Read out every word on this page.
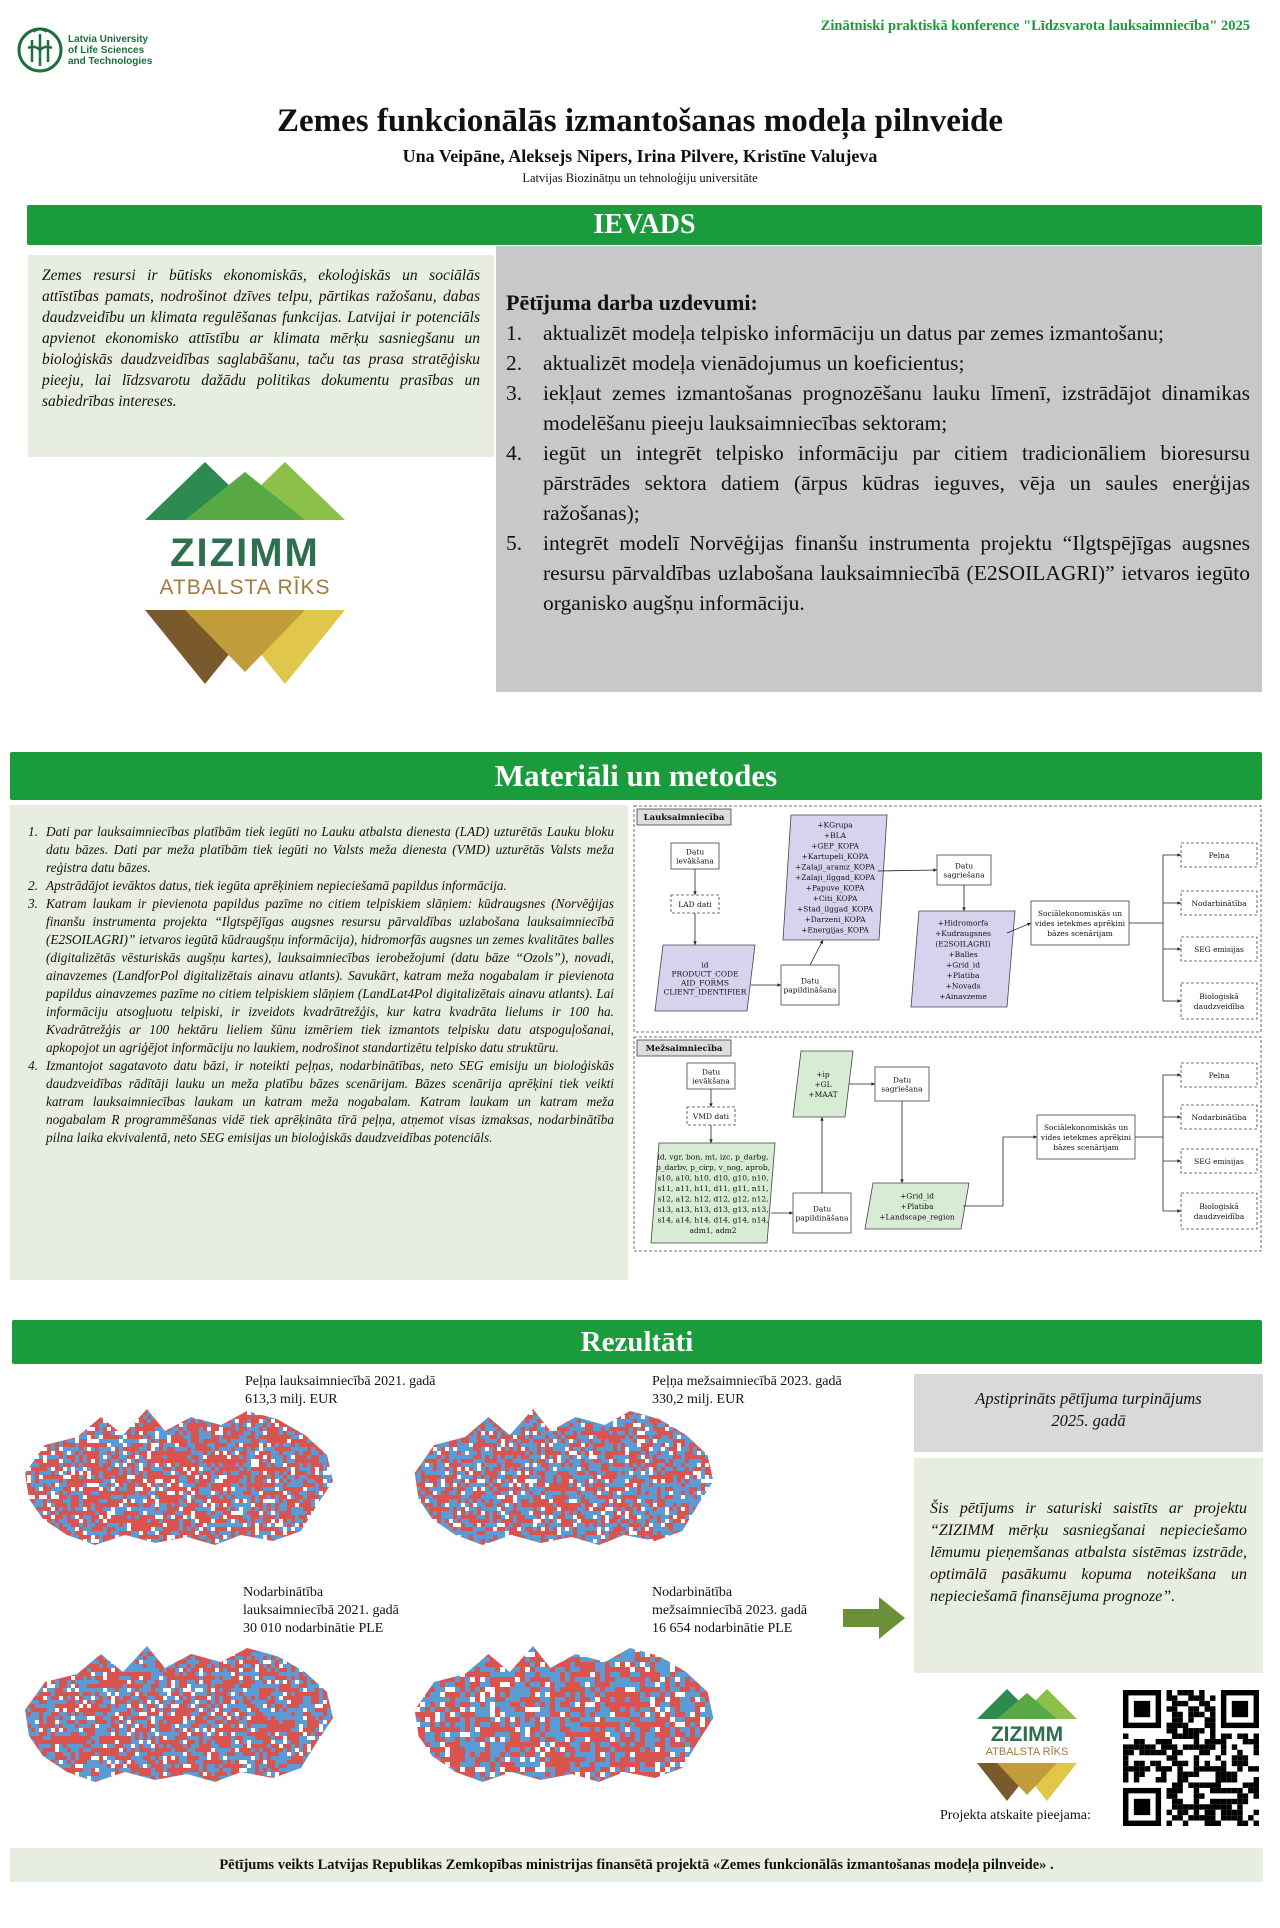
Latvia University
of Life Sciences
and Technologies
Zinātniski praktiskā konference "Līdzsvarota lauksaimniecība" 2025
Zemes funkcionālās izmantošanas modeļa pilnveide
Una Veipāne, Aleksejs Nipers, Irina Pilvere, Kristīne Valujeva
Latvijas Biozinātņu un tehnoloģiju universitāte
IEVADS
Zemes resursi ir būtisks ekonomiskās, ekoloģiskās un sociālās attīstības pamats, nodrošinot dzīves telpu, pārtikas ražošanu, dabas daudzveidību un klimata regulēšanas funkcijas. Latvijai ir potenciāls apvienot ekonomisko attīstību ar klimata mērķu sasniegšanu un bioloģiskās daudzveidības saglabāšanu, taču tas prasa stratēģisku pieeju, lai līdzsvarotu dažādu politikas dokumentu prasības un sabiedrības intereses.
Pētījuma darba uzdevumi:
1. aktualizēt modeļa telpisko informāciju un datus par zemes izmantošanu;
2. aktualizēt modeļa vienādojumus un koeficientus;
3. iekļaut zemes izmantošanas prognozēšanu lauku līmenī, izstrādājot dinamikas modelēšanu pieeju lauksaimniecības sektoram;
4. iegūt un integrēt telpisko informāciju par citiem tradicionāliem bioresursu pārstrādes sektora datiem (ārpus kūdras ieguves, vēja un saules enerģijas ražošanas);
5. integrēt modelī Norvēģijas finanšu instrumenta projektu “Ilgtspējīgas augsnes resursu pārvaldības uzlabošana lauksaimniecībā (E2SOILAGRI)” ietvaros iegūto organisko augšņu informāciju.
ZIZIMM
ATBALSTA RĪKS
Materiāli un metodes
1. Dati par lauksaimniecības platībām tiek iegūti no Lauku atbalsta dienesta (LAD) uzturētās Lauku bloku datu bāzes. Dati par meža platībām tiek iegūti no Valsts meža dienesta (VMD) uzturētās Valsts meža reģistra datu bāzes.
2. Apstrādājot ievāktos datus, tiek iegūta aprēķiniem nepieciešamā papildus informācija.
3. Katram laukam ir pievienota papildus pazīme no citiem telpiskiem slāņiem: kūdraugsnes (Norvēģijas finanšu instrumenta projekta “Ilgtspējīgas augsnes resursu pārvaldības uzlabošana lauksaimniecībā (E2SOILAGRI)” ietvaros iegūtā kūdraugšņu informācija), hidromorfās augsnes un zemes kvalitātes balles (digitalizētās vēsturiskās augšņu kartes), lauksaimniecības ierobežojumi (datu bāze “Ozols”), novadi, ainavzemes (LandforPol digitalizētais ainavu atlants). Savukārt, katram meža nogabalam ir pievienota papildus ainavzemes pazīme no citiem telpiskiem slāņiem (LandLat4Pol digitalizētais ainavu atlants). Lai informāciju atsogļuotu telpiski, ir izveidots kvadrātrežģis, kur katra kvadrāta lielums ir 100 ha. Kvadrātrežģis ar 100 hektāru lieliem šūnu izmēriem tiek izmantots telpisku datu atspoguļošanai, apkopojot un agriģējot informāciju no laukiem, nodrošinot standartizētu telpisko datu struktūru.
4. Izmantojot sagatavoto datu bāzi, ir noteikti peļņas, nodarbinātības, neto SEG emisiju un bioloģiskās daudzveidības rādītāji lauku un meža platību bāzes scenārijam. Bāzes scenārija aprēķini tiek veikti katram lauksaimniecības laukam un katram meža nogabalam. Katram laukam un katram meža nogabalam R programmēšanas vidē tiek aprēķināta tīrā peļņa, atņemot visas izmaksas, nodarbinātība pilna laika ekvivalentā, neto SEG emisijas un bioloģiskās daudzveidības potenciāls.
Lauksaimniecība
Datu
ievākšana
LAD dati
id
PRODUCT_CODE
AID_FORMS
CLIENT_IDENTIFIER
Datu
papildināšana
+KGrupa
+BLA
+GEP_KOPA
+Kartupeli_KOPA
+Zalaji_aramz_KOPA
+Zalaji_ilggad_KOPA
+Papuve_KOPA
+Citi_KOPA
+Stad_ilggad_KOPA
+Darzeni_KOPA
+Energijas_KOPA
Datu
sagriešana
+Hidromorfa
+Kudraugsnes
(E2SOILAGRI)
+Balles
+Grid_id
+Platiba
+Novads
+Ainavzeme
Sociālekonomiskās un
vides ietekmes aprēķini
bāzes scenārijam
Peļņa
Nodarbinātība
SEG emisijas
Bioloģiskā
daudzveidība
Mežsaimniecība
Datu
ievākšana
VMD dati
id, vgr, bon, mt, izc, p_darbg,
p_darbv, p_cirp, v_nog, aprob,
s10, a10, h10, d10, g10, n10,
s11, a11, h11, d11, g11, n11,
s12, a12, h12, d12, g12, n12,
s13, a13, h13, d13, g13, n13,
s14, a14, h14, d14, g14, n14,
adm1, adm2
Datu
papildināšana
+ip
+GL
+MAAT
Datu
sagriešana
+Grid_id
+Platiba
+Landscape_region
Sociālekonomiskās un
vides ietekmes aprēķini
bāzes scenārijam
Peļņa
Nodarbinātība
SEG emisijas
Bioloģiskā
daudzveidība
Rezultāti
Peļņa lauksaimniecībā 2021. gadā
613,3 milj. EUR
Peļņa mežsaimniecībā 2023. gadā
330,2 milj. EUR
Nodarbinātība
lauksaimniecībā 2021. gadā
30 010 nodarbinātie PLE
Nodarbinātība
mežsaimniecībā 2023. gadā
16 654 nodarbinātie PLE
Apstiprināts pētījuma turpinājums
2025. gadā
Šis pētījums ir saturiski saistīts ar projektu “ZIZIMM mērķu sasniegšanai nepieciešamo lēmumu pieņemšanas atbalsta sistēmas izstrāde, optimālā pasākumu kopuma noteikšana un nepieciešamā finansējuma prognoze”.
ZIZIMM
ATBALSTA RĪKS
Projekta atskaite pieejama:
Pētījums veikts Latvijas Republikas Zemkopības ministrijas finansētā projektā «Zemes funkcionālās izmantošanas modeļa pilnveide» .
